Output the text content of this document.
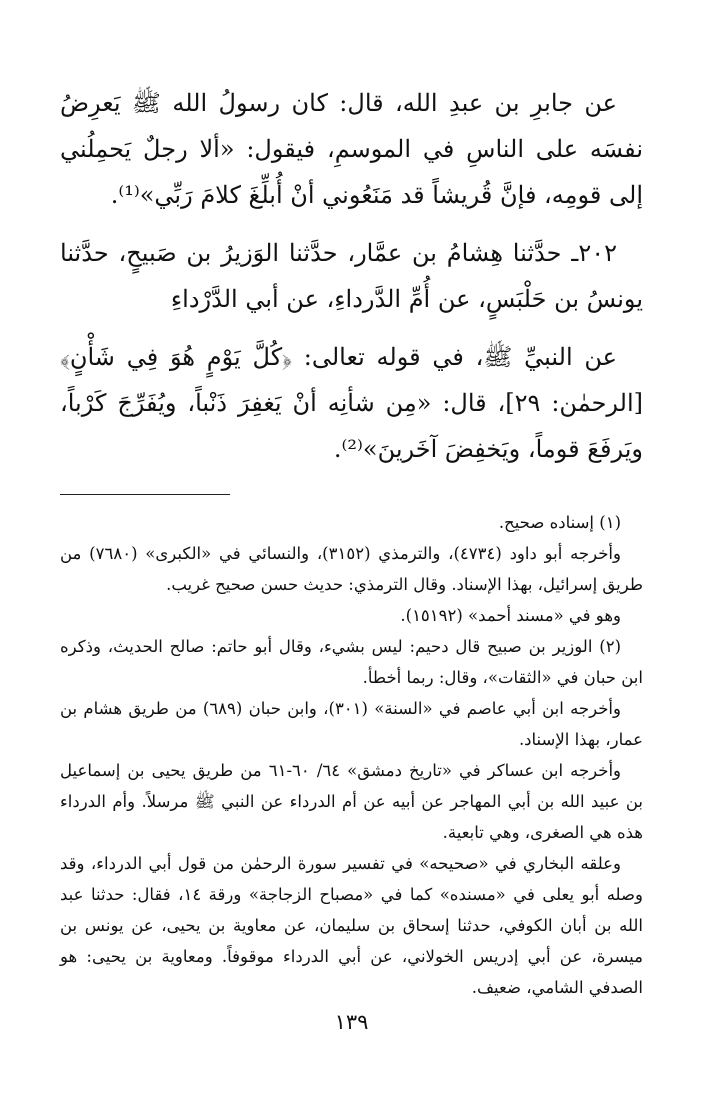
عن جابرِ بن عبدِ الله، قال: كان رسولُ الله ﷺ يَعرِضُ نفسَه على الناسِ في الموسمِ، فيقول: «ألا رجلٌ يَحمِلُني إلى قومِه، فإنَّ قُريشاً قد مَنَعُوني أنْ أُبلِّغَ كلامَ رَبِّي»⁽¹⁾.

٢٠٢ـ حدَّثنا هِشامُ بن عمَّار، حدَّثنا الوَزيرُ بن صَبيحٍ، حدَّثنا يونسُ بن حَلْبَسٍ، عن أُمِّ الدَّرداءِ، عن أبي الدَّرْداءِ

عن النبيِّ ﷺ، في قوله تعالى: ﴿كُلَّ يَوْمٍ هُوَ فِي شَأْنٍ﴾ [الرحمٰن: ٢٩]، قال: «مِن شأنِه أنْ يَغفِرَ ذَنْباً، ويُفَرِّجَ كَرْباً، ويَرفَعَ قوماً، ويَخفِضَ آخَرينَ»⁽²⁾.

(١) إسناده صحيح.

وأخرجه أبو داود (٤٧٣٤)، والترمذي (٣١٥٢)، والنسائي في «الكبرى» (٧٦٨٠) من طريق إسرائيل، بهذا الإسناد. وقال الترمذي: حديث حسن صحيح غريب.

وهو في «مسند أحمد» (١٥١٩٢).

(٢) الوزير بن صبيح قال دحيم: ليس بشيء، وقال أبو حاتم: صالح الحديث، وذكره ابن حبان في «الثقات»، وقال: ربما أخطأ.

وأخرجه ابن أبي عاصم في «السنة» (٣٠١)، وابن حبان (٦٨٩) من طريق هشام بن عمار، بهذا الإسناد.

وأخرجه ابن عساكر في «تاريخ دمشق» ٦٤/ ٦٠-٦١ من طريق يحيى بن إسماعيل بن عبيد الله بن أبي المهاجر عن أبيه عن أم الدرداء عن النبي ﷺ مرسلاً. وأم الدرداء هذه هي الصغرى، وهي تابعية.

وعلقه البخاري في «صحيحه» في تفسير سورة الرحمٰن من قول أبي الدرداء، وقد وصله أبو يعلى في «مسنده» كما في «مصباح الزجاجة» ورقة ١٤، فقال: حدثنا عبد الله بن أبان الكوفي، حدثنا إسحاق بن سليمان، عن معاوية بن يحيى، عن يونس بن ميسرة، عن أبي إدريس الخولاني، عن أبي الدرداء موقوفاً. ومعاوية بن يحيى: هو الصدفي الشامي، ضعيف.

١٣٩
